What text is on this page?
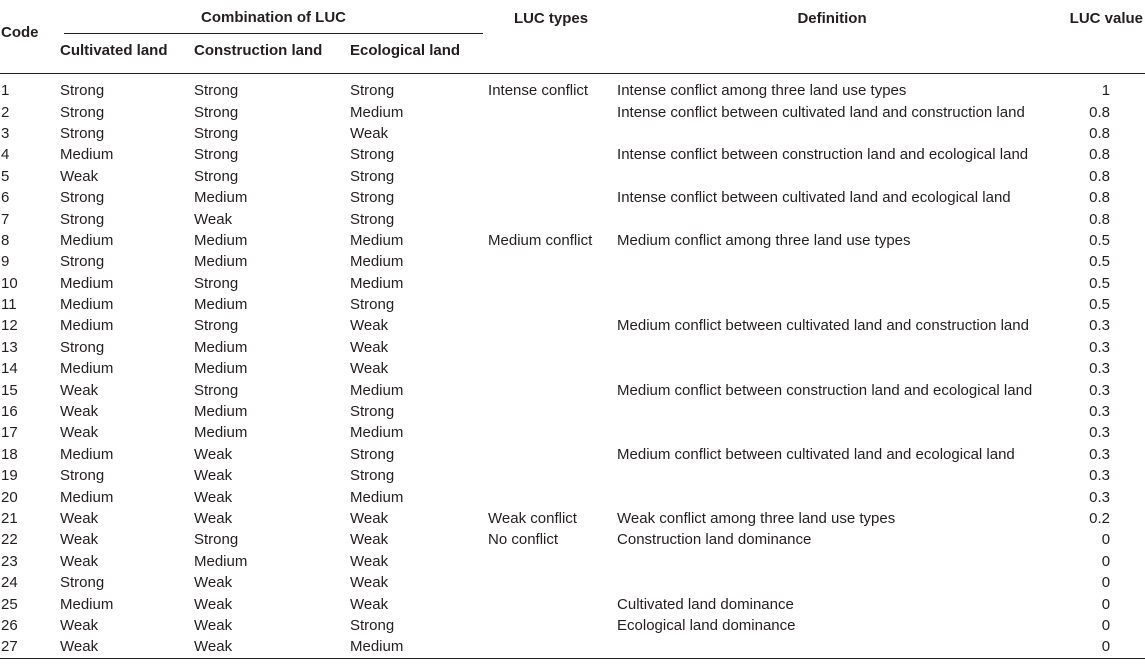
Code	Combination of LUC			LUC types	Definition	LUC value
	Cultivated land	Construction land	Ecological land			

1	Strong	Strong	Strong	Intense conflict	Intense conflict among three land use types	1
2	Strong	Strong	Medium		Intense conflict between cultivated land and construction land	0.8
3	Strong	Strong	Weak			0.8
4	Medium	Strong	Strong		Intense conflict between construction land and ecological land	0.8
5	Weak	Strong	Strong			0.8
6	Strong	Medium	Strong		Intense conflict between cultivated land and ecological land	0.8
7	Strong	Weak	Strong			0.8
8	Medium	Medium	Medium	Medium conflict	Medium conflict among three land use types	0.5
9	Strong	Medium	Medium			0.5
10	Medium	Strong	Medium			0.5
11	Medium	Medium	Strong			0.5
12	Medium	Strong	Weak		Medium conflict between cultivated land and construction land	0.3
13	Strong	Medium	Weak			0.3
14	Medium	Medium	Weak			0.3
15	Weak	Strong	Medium		Medium conflict between construction land and ecological land	0.3
16	Weak	Medium	Strong			0.3
17	Weak	Medium	Medium			0.3
18	Medium	Weak	Strong		Medium conflict between cultivated land and ecological land	0.3
19	Strong	Weak	Strong			0.3
20	Medium	Weak	Medium			0.3
21	Weak	Weak	Weak	Weak conflict	Weak conflict among three land use types	0.2
22	Weak	Strong	Weak	No conflict	Construction land dominance	0
23	Weak	Medium	Weak			0
24	Strong	Weak	Weak			0
25	Medium	Weak	Weak		Cultivated land dominance	0
26	Weak	Weak	Strong		Ecological land dominance	0
27	Weak	Weak	Medium			0
